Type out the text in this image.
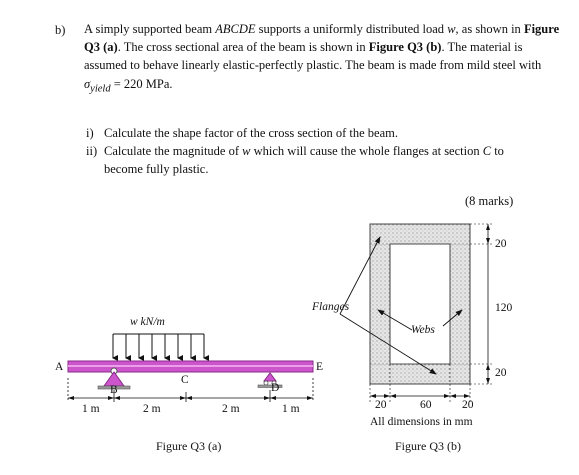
b) A simply supported beam ABCDE supports a uniformly distributed load w, as shown in Figure Q3 (a). The cross sectional area of the beam is shown in Figure Q3 (b). The material is assumed to behave linearly elastic-perfectly plastic. The beam is made from mild steel with $\sigma_{yield} = 220$ MPa.

i) Calculate the shape factor of the cross section of the beam.
ii) Calculate the magnitude of w which will cause the whole flanges at section C to
become fully plastic.
(8 marks)
w kN/m
A
B
C
D
E
1 m	2 m	2 m	1 m
Figure Q3 (a)
Flanges
Webs
20
120
20
20	60	20
All dimensions in mm
Figure Q3 (b)
